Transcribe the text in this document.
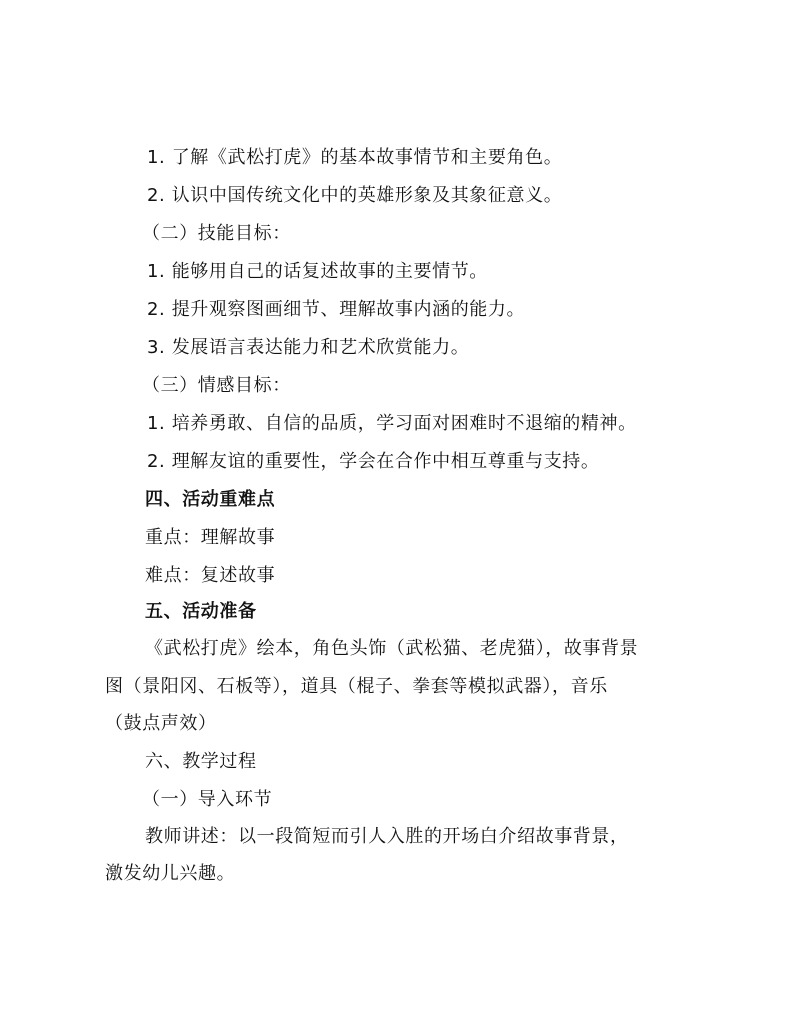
1. 了解《武松打虎》的基本故事情节和主要角色。
2. 认识中国传统文化中的英雄形象及其象征意义。
（二）技能目标：
1. 能够用自己的话复述故事的主要情节。
2. 提升观察图画细节、理解故事内涵的能力。
3. 发展语言表达能力和艺术欣赏能力。
（三）情感目标：
1. 培养勇敢、自信的品质，学习面对困难时不退缩的精神。
2. 理解友谊的重要性，学会在合作中相互尊重与支持。
四、活动重难点
重点：理解故事
难点：复述故事
五、活动准备
《武松打虎》绘本，角色头饰（武松猫、老虎猫），故事背景
图（景阳冈、石板等），道具（棍子、拳套等模拟武器），音乐
（鼓点声效）
六、教学过程
（一）导入环节
教师讲述：以一段简短而引人入胜的开场白介绍故事背景，
激发幼儿兴趣。
